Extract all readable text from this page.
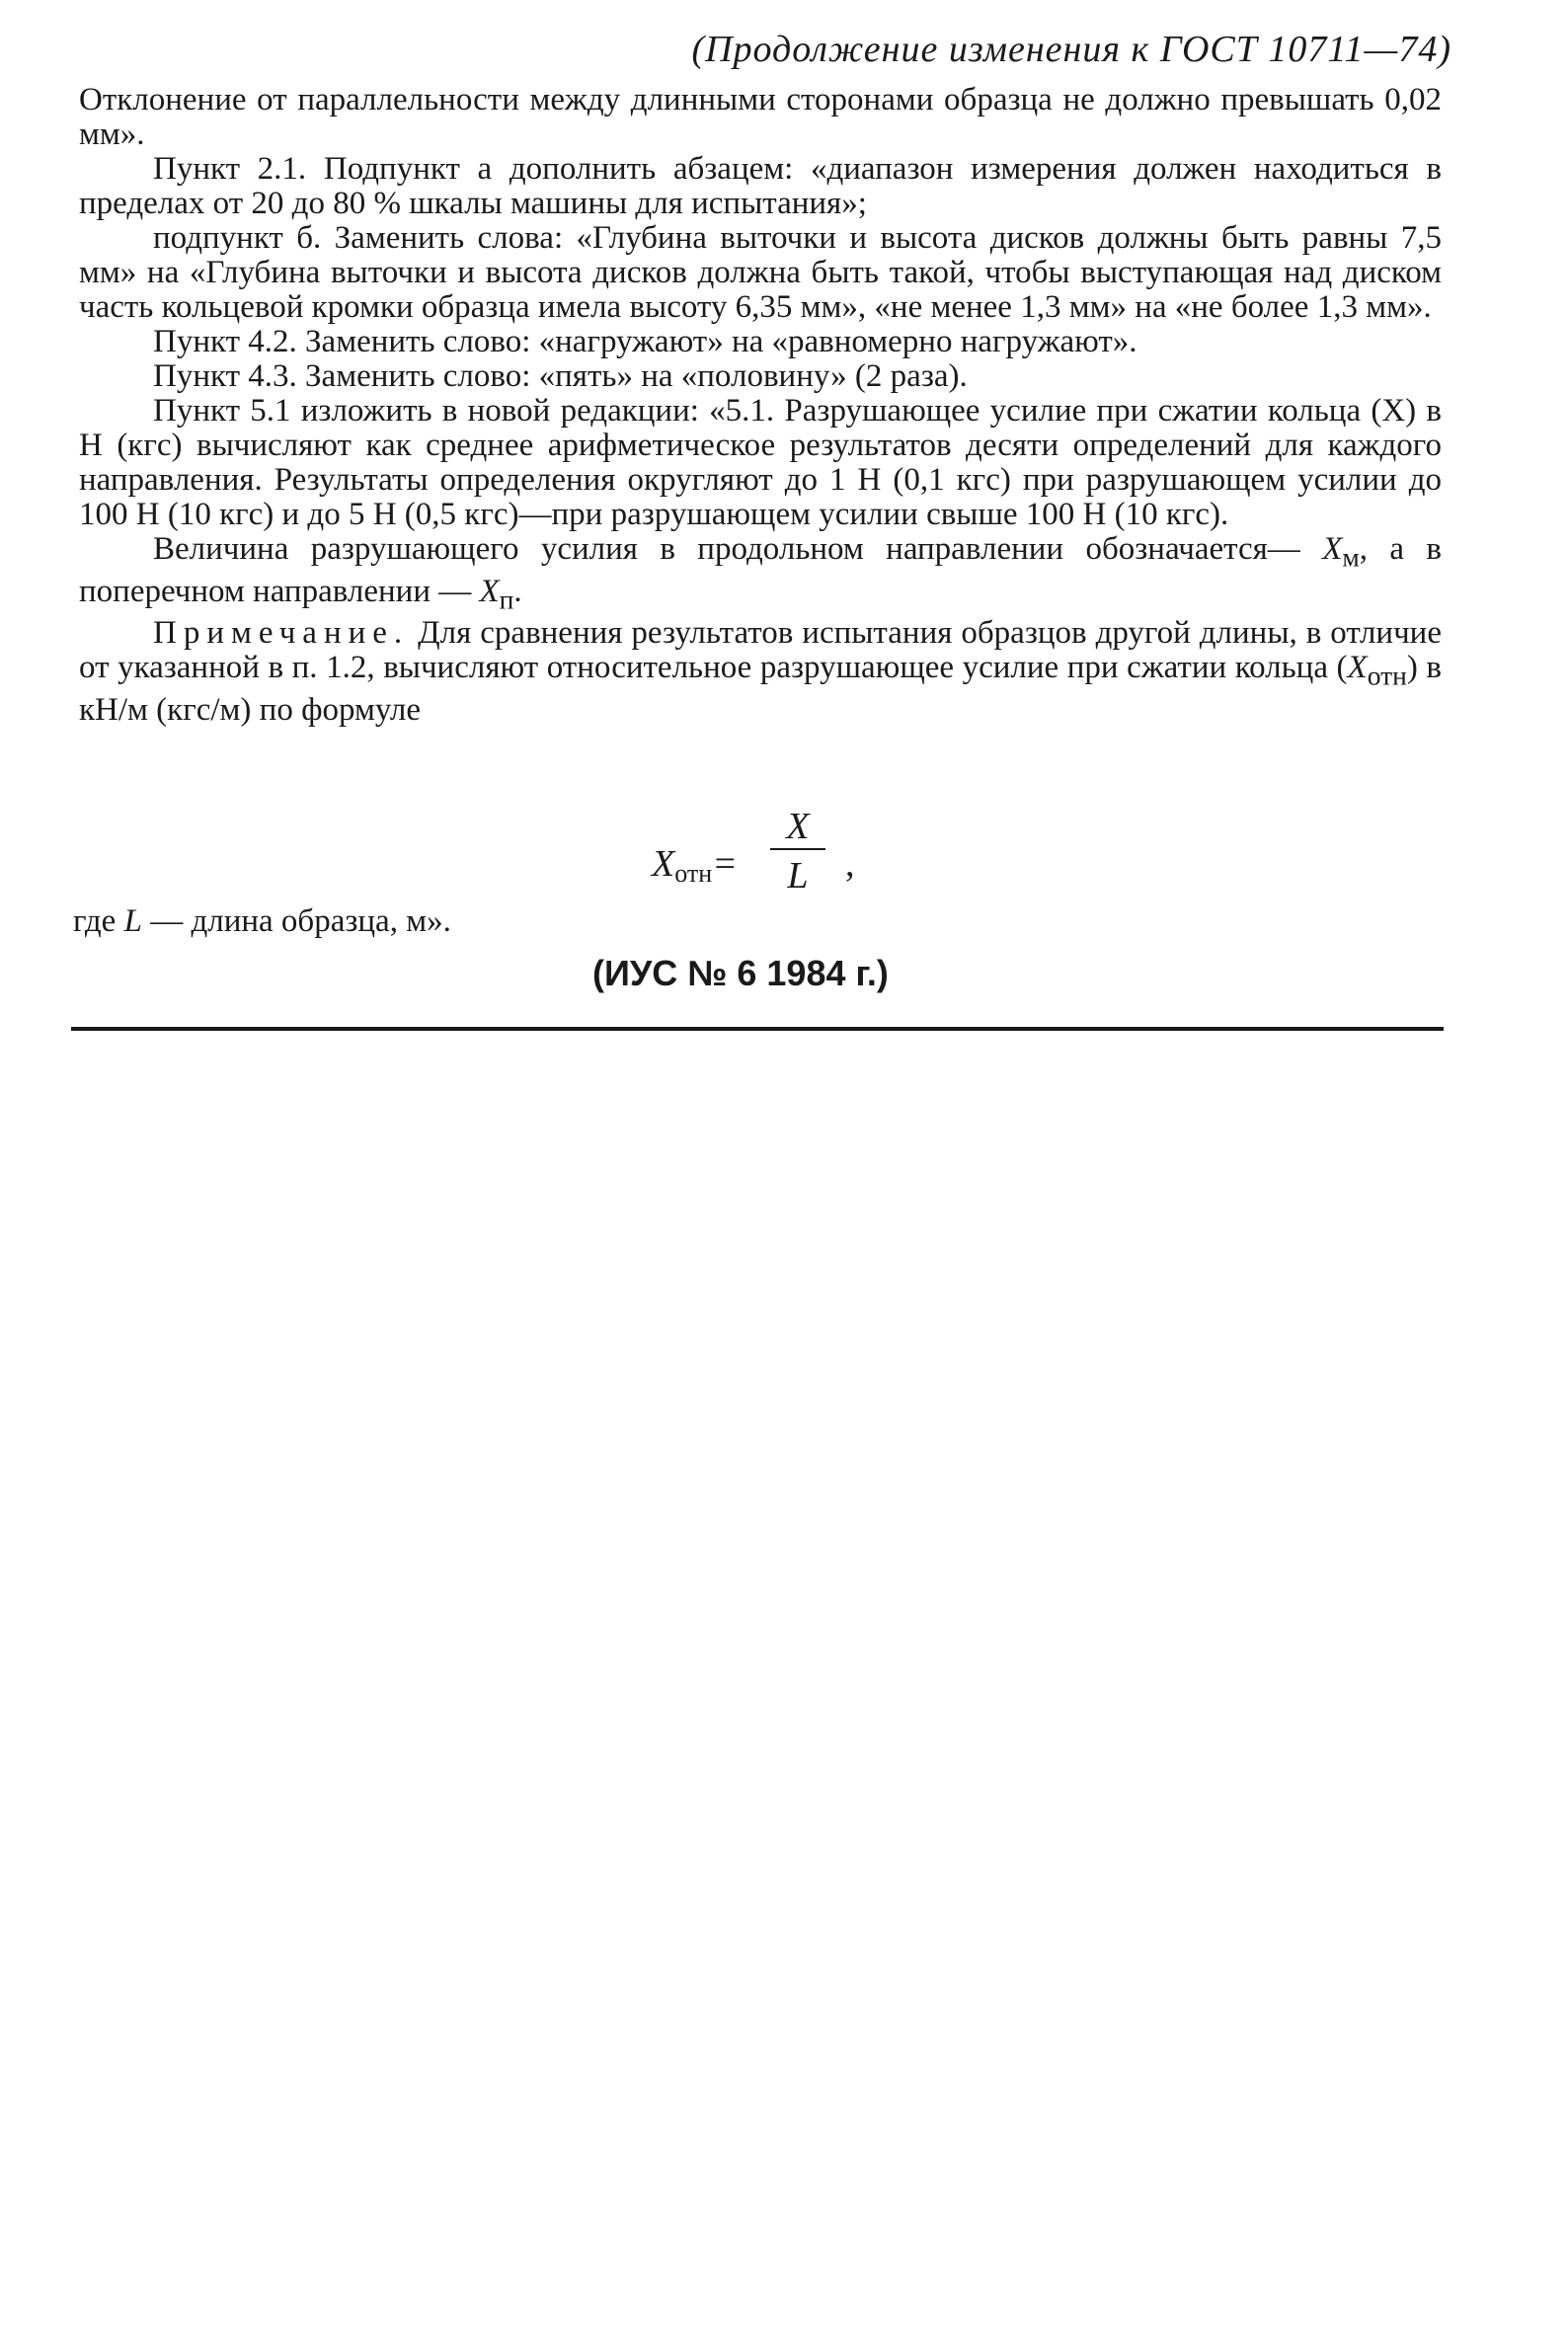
(Продолжение изменения к ГОСТ 10711—74)

Отклонение от параллельности между длинными сторонами образца не должно превышать 0,02 мм».

Пункт 2.1. Подпункт а дополнить абзацем: «диапазон измерения должен находиться в пределах от 20 до 80 % шкалы машины для испытания»;

подпункт б. Заменить слова: «Глубина выточки и высота дисков должны быть равны 7,5 мм» на «Глубина выточки и высота дисков должна быть такой, чтобы выступающая над диском часть кольцевой кромки образца имела высоту 6,35 мм», «не менее 1,3 мм» на «не более 1,3 мм».

Пункт 4.2. Заменить слово: «нагружают» на «равномерно нагружают».

Пункт 4.3. Заменить слово: «пять» на «половину» (2 раза).

Пункт 5.1 изложить в новой редакции: «5.1. Разрушающее усилие при сжатии кольца (X) в Н (кгс) вычисляют как среднее арифметическое результатов десяти определений для каждого направления. Результаты определения округляют до 1 Н (0,1 кгс) при разрушающем усилии до 100 Н (10 кгс) и до 5 Н (0,5 кгс)—при разрушающем усилии свыше 100 Н (10 кгс).

Величина разрушающего усилия в продольном направлении обозначается— $X_м$, а в поперечном направлении — $X_п$.

Примечание. Для сравнения результатов испытания образцов другой длины, в отличие от указанной в п. 1.2, вычисляют относительное разрушающее усилие при сжатии кольца $(X_{отн})$ в кН/м (кгс/м) по формуле

$X_{отн}=$
X
L ,
где L — длина образца, м».
(ИУС № 6 1984 г.)
